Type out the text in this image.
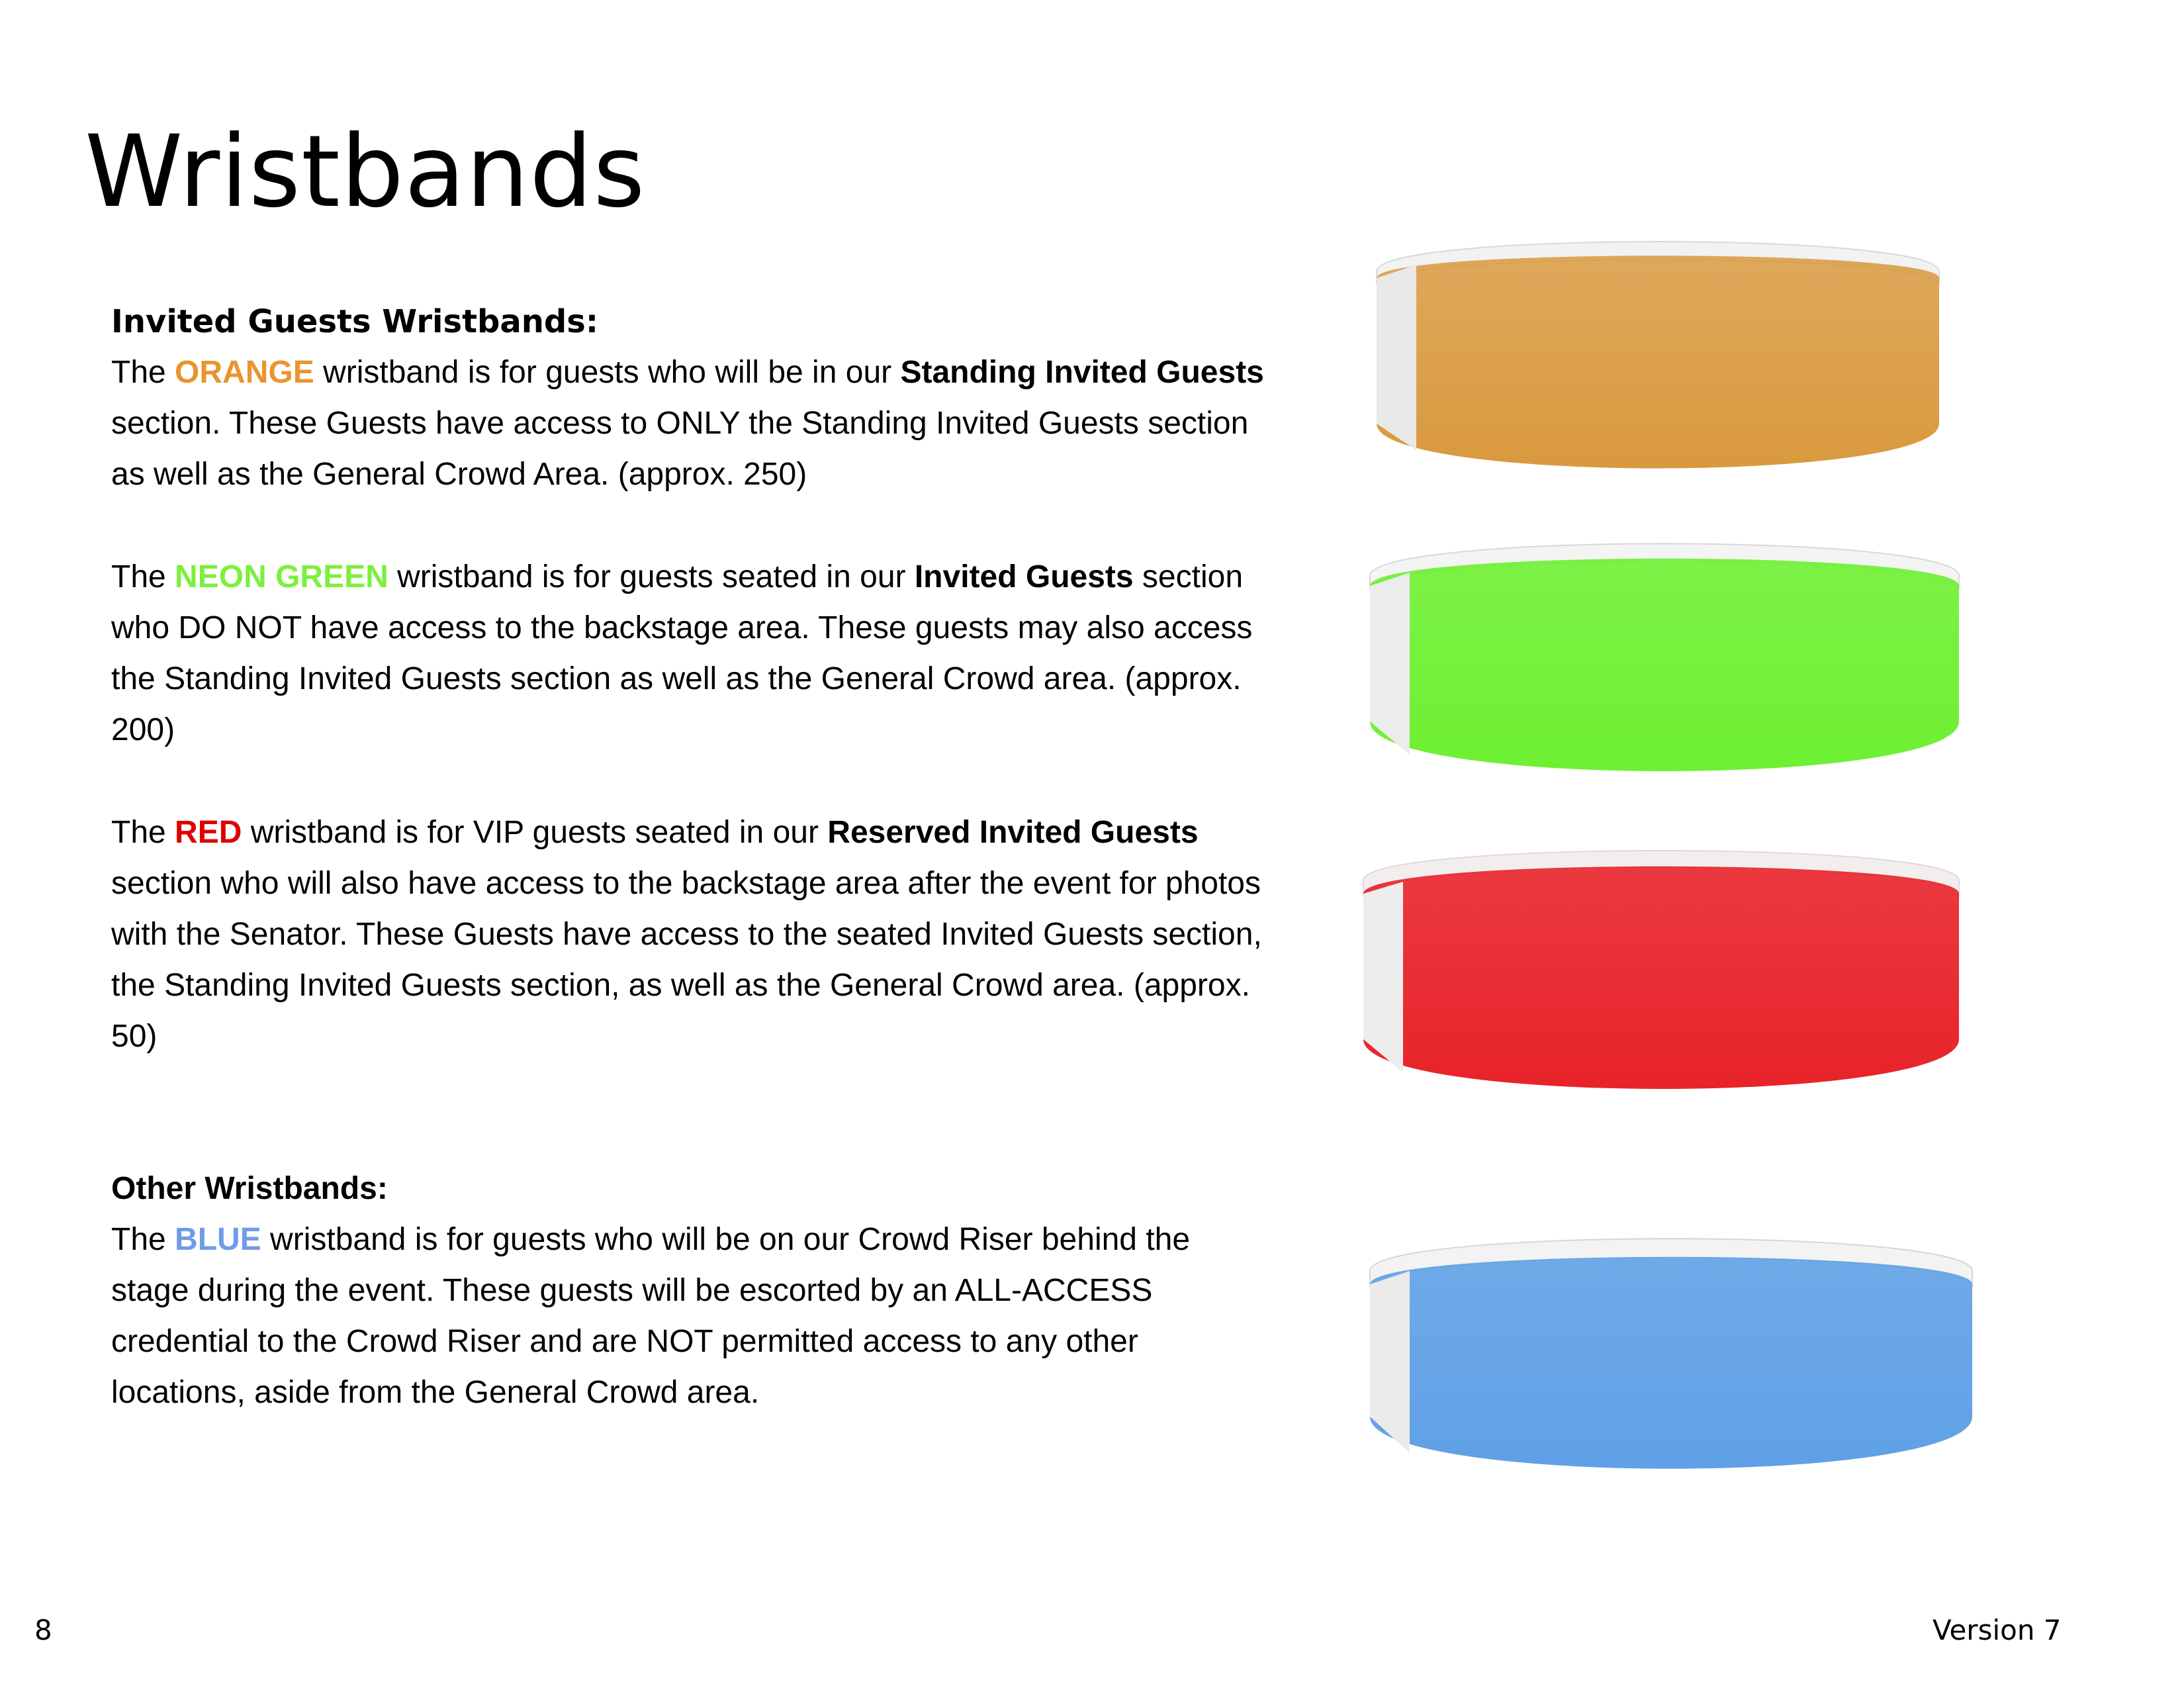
Wristbands

Invited Guests Wristbands:

The ORANGE wristband is for guests who will be in our Standing Invited Guests section. These Guests have access to ONLY the Standing Invited Guests section as well as the General Crowd Area. (approx. 250)

The NEON GREEN wristband is for guests seated in our Invited Guests section who DO NOT have access to the backstage area. These guests may also access the Standing Invited Guests section as well as the General Crowd area. (approx. 200)

The RED wristband is for VIP guests seated in our Reserved Invited Guests section who will also have access to the backstage area after the event for photos with the Senator. These Guests have access to the seated Invited Guests section, the Standing Invited Guests section, as well as the General Crowd area. (approx. 50)

Other Wristbands:

The BLUE wristband is for guests who will be on our Crowd Riser behind the stage during the event. These guests will be escorted by an ALL-ACCESS credential to the Crowd Riser and are NOT permitted access to any other locations, aside from the General Crowd area.

8	Version 7
